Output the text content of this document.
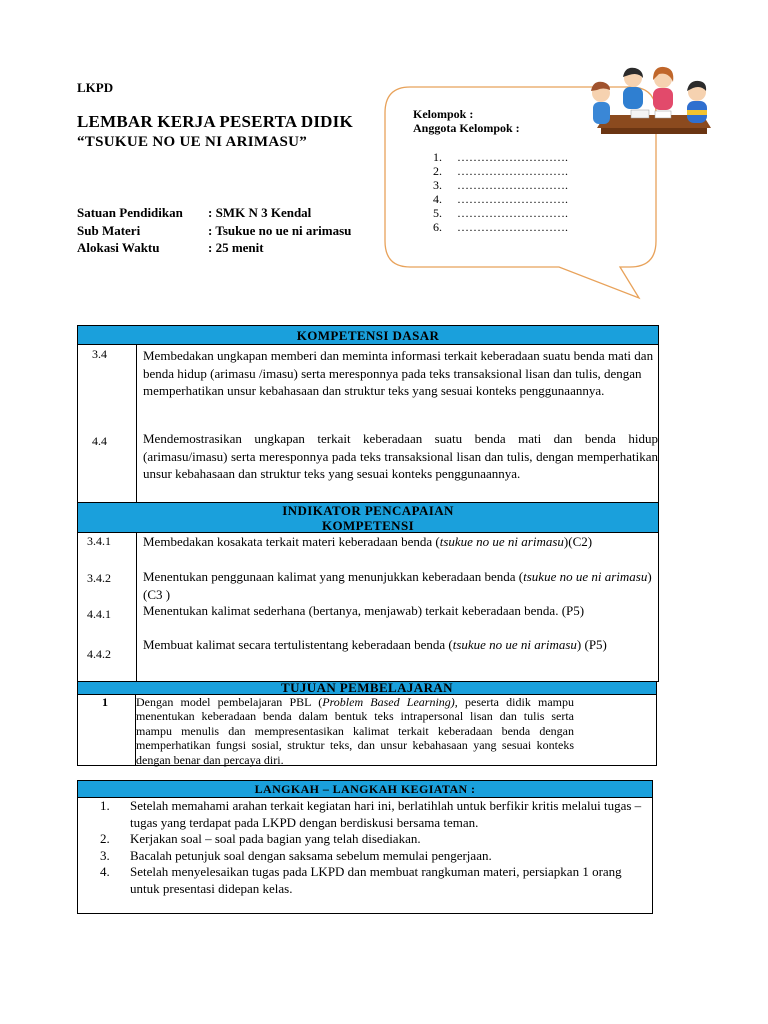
LKPD
LEMBAR KERJA PESERTA DIDIK
“TSUKUE NO UE NI ARIMASU”
Satuan Pendidikan : SMK N 3 Kendal
Sub Materi	: Tsukue no ue ni arimasu
Alokasi Waktu	: 25 menit
Kelompok :
Anggota Kelompok :
1. ……………………….
2. ……………………….
3. ……………………….
4. ……………………….
5. ……………………….
6. ……………………….
KOMPETENSI DASAR
3.4	Membedakan ungkapan memberi dan meminta informasi terkait keberadaan suatu benda mati dan benda hidup (arimasu /imasu) serta meresponnya pada teks transaksional lisan dan tulis, dengan memperhatikan unsur kebahasaan dan struktur teks yang sesuai konteks penggunaannya.
4.4	Mendemostrasikan ungkapan terkait keberadaan suatu benda mati dan benda hidup (arimasu/imasu) serta meresponnya pada teks transaksional lisan dan tulis, dengan memperhatikan unsur kebahasaan dan struktur teks yang sesuai konteks penggunaannya.
INDIKATOR PENCAPAIAN
KOMPETENSI
3.4.1 Membedakan kosakata terkait materi keberadaan benda (tsukue no ue ni arimasu)(C2)
3.4.2 Menentukan penggunaan kalimat yang menunjukkan keberadaan benda (tsukue no ue ni arimasu) (C3 )
4.4.1 Menentukan kalimat sederhana (bertanya, menjawab) terkait keberadaan benda. (P5)
4.4.2
Membuat kalimat secara tertulistentang keberadaan benda (tsukue no ue ni arimasu) (P5)
TUJUAN PEMBELAJARAN
1 Dengan model pembelajaran PBL (Problem Based Learning), peserta didik mampu menentukan keberadaan benda dalam bentuk teks intrapersonal lisan dan tulis serta mampu menulis dan mempresentasikan kalimat terkait keberadaan benda dengan memperhatikan fungsi sosial, struktur teks, dan unsur kebahasaan yang sesuai konteks dengan benar dan percaya diri.
LANGKAH – LANGKAH KEGIATAN :
1. Setelah memahami arahan terkait kegiatan hari ini, berlatihlah untuk berfikir kritis melalui tugas – tugas yang terdapat pada LKPD dengan berdiskusi bersama teman.
2. Kerjakan soal – soal pada bagian yang telah disediakan.
3. Bacalah petunjuk soal dengan saksama sebelum memulai pengerjaan.
4. Setelah menyelesaikan tugas pada LKPD dan membuat rangkuman materi, persiapkan 1 orang untuk presentasi didepan kelas.
